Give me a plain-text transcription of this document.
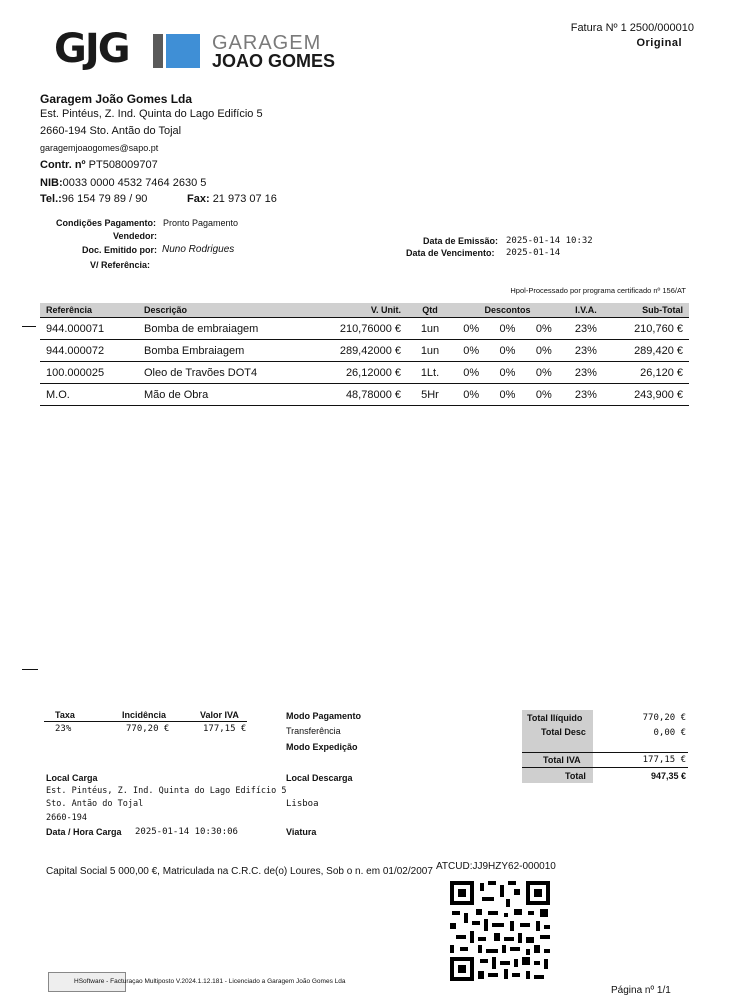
Fatura Nº 1 2500/000010
Original
GJG	GARAGEM
JOAO GOMES
Garagem João Gomes Lda
Est. Pintéus, Z. Ind. Quinta do Lago Edifício 5
2660-194 Sto. Antão do Tojal
garagemjoaogomes@sapo.pt
Contr. nº PT508009707
NIB:0033 0000 4532 7464 2630 5
Tel.:96 154 79 89 / 90	Fax: 21 973 07 16
Condições Pagamento: Pronto Pagamento
Vendedor:
Doc. Emitido por: Nuno Rodrigues
V/ Referência:
Data de Emissão: 2025-01-14 10:32
Data de Vencimento: 2025-01-14
Hpol-Processado por programa certificado nº 156/AT
Referência	Descrição	V. Unit.	Qtd	Descontos			I.V.A.	Sub-Total
944.000071	Bomba de embraiagem	210,76000 €	1un	0%	0%	0%	23%	210,760 €
944.000072	Bomba Embraiagem	289,42000 €	1un	0%	0%	0%	23%	289,420 €
100.000025	Oleo de Travões DOT4	26,12000 €	1Lt.	0%	0%	0%	23%	26,120 €
M.O.	Mão de Obra	48,78000 €	5Hr	0%	0%	0%	23%	243,900 €
Taxa	Incidência	Valor IVA
23%	770,20 €	177,15 €
Modo Pagamento
Transferência
Modo Expedição
Total Ilíquido	770,20 €
Total Desc	0,00 €
Total IVA	177,15 €
Total	947,35 €
Local Carga
Est. Pintéus, Z. Ind. Quinta do Lago Edifício 5
Sto. Antão do Tojal
2660-194
Data / Hora Carga 2025-01-14 10:30:06
Local Descarga
Lisboa
Viatura
Capital Social 5 000,00 €, Matriculada na C.R.C. de(o) Loures, Sob o n. em 01/02/2007 ATCUD:JJ9HZY62-000010
HSoftware - Facturaçao Multiposto V.2024.1.12.181 - Licenciado a Garagem João Gomes Lda
Página nº 1/1
